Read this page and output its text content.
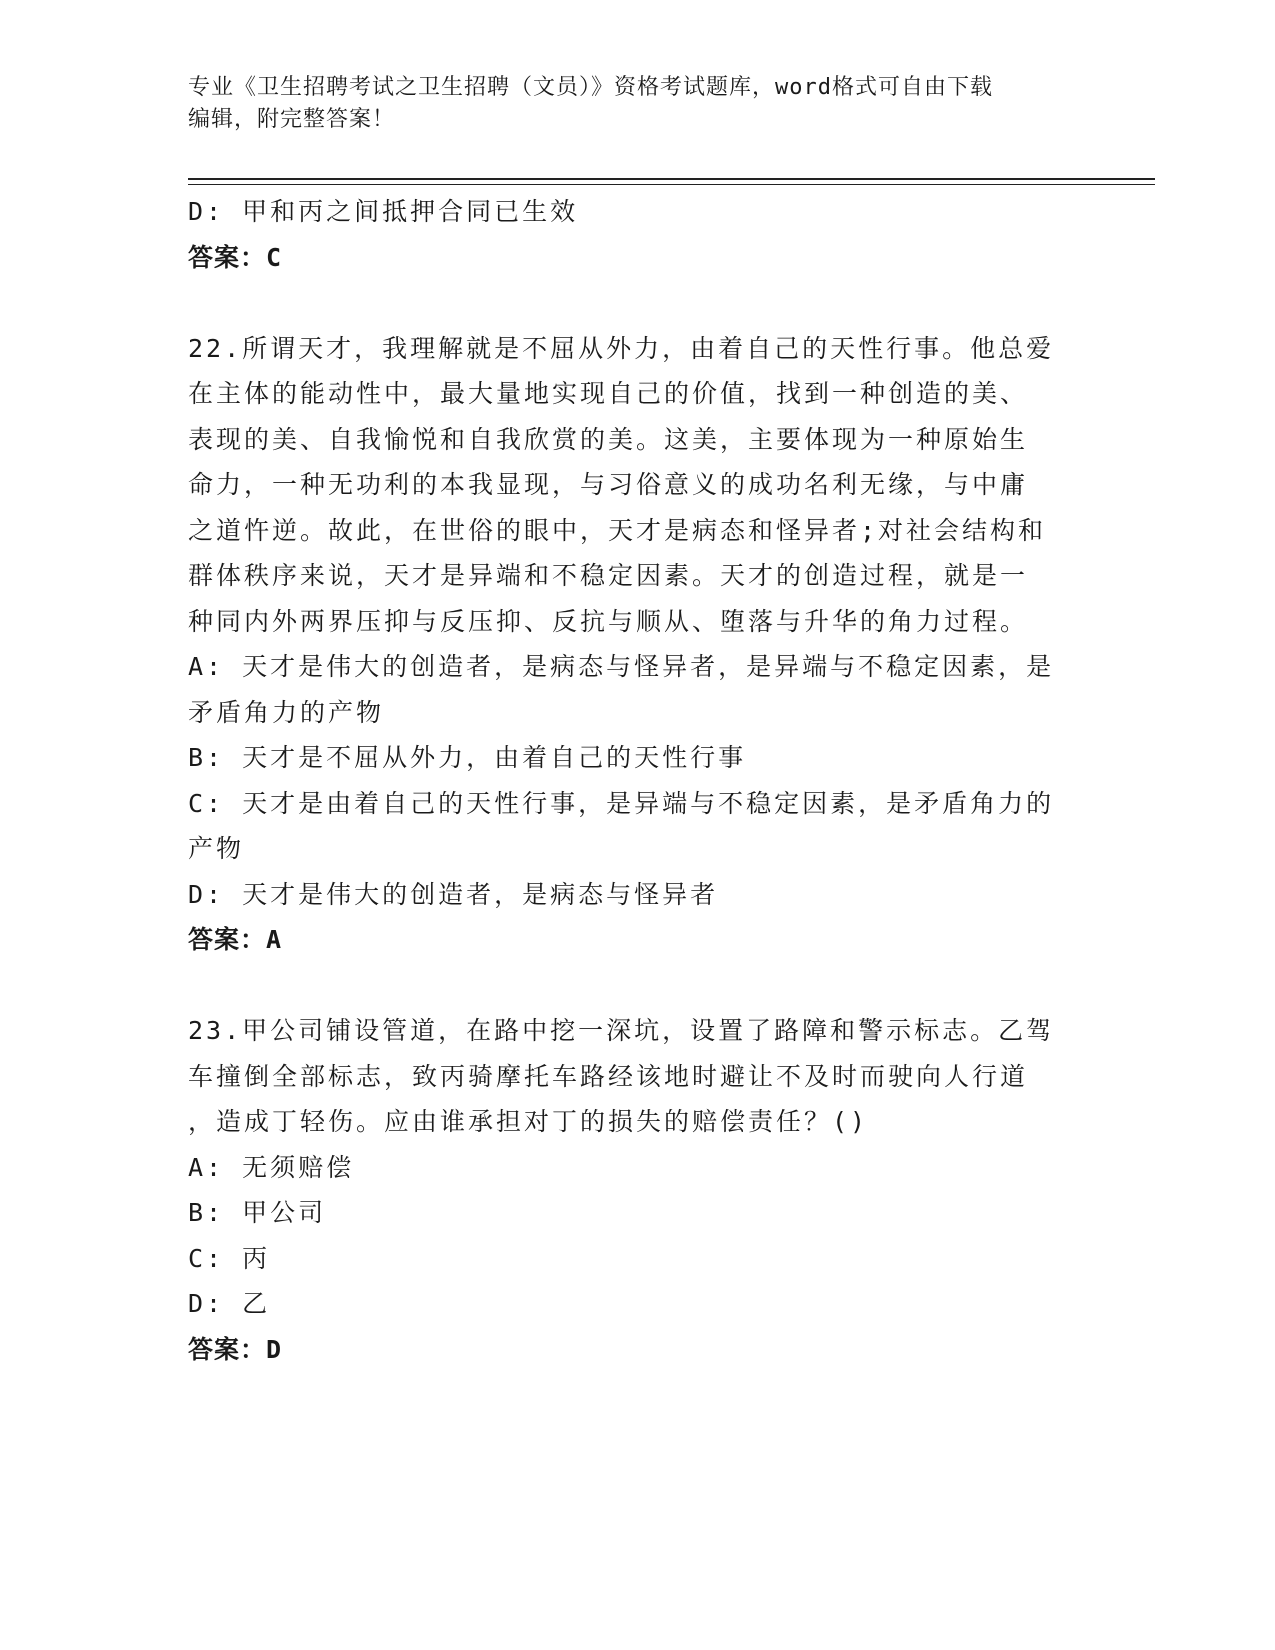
专业《卫生招聘考试之卫生招聘（文员）》资格考试题库，word格式可自由下载
编辑，附完整答案！
D: 甲和丙之间抵押合同已生效
答案：C
22.所谓天才，我理解就是不屈从外力，由着自己的天性行事。他总爱
在主体的能动性中，最大量地实现自己的价值，找到一种创造的美、
表现的美、自我愉悦和自我欣赏的美。这美，主要体现为一种原始生
命力，一种无功利的本我显现，与习俗意义的成功名利无缘，与中庸
之道忤逆。故此，在世俗的眼中，天才是病态和怪异者;对社会结构和
群体秩序来说，天才是异端和不稳定因素。天才的创造过程，就是一
种同内外两界压抑与反压抑、反抗与顺从、堕落与升华的角力过程。
A: 天才是伟大的创造者，是病态与怪异者，是异端与不稳定因素，是
矛盾角力的产物
B: 天才是不屈从外力，由着自己的天性行事
C: 天才是由着自己的天性行事，是异端与不稳定因素，是矛盾角力的
产物
D: 天才是伟大的创造者，是病态与怪异者
答案：A
23.甲公司铺设管道，在路中挖一深坑，设置了路障和警示标志。乙驾
车撞倒全部标志，致丙骑摩托车路经该地时避让不及时而驶向人行道
，造成丁轻伤。应由谁承担对丁的损失的赔偿责任？()
A: 无须赔偿
B: 甲公司
C: 丙
D: 乙
答案：D
